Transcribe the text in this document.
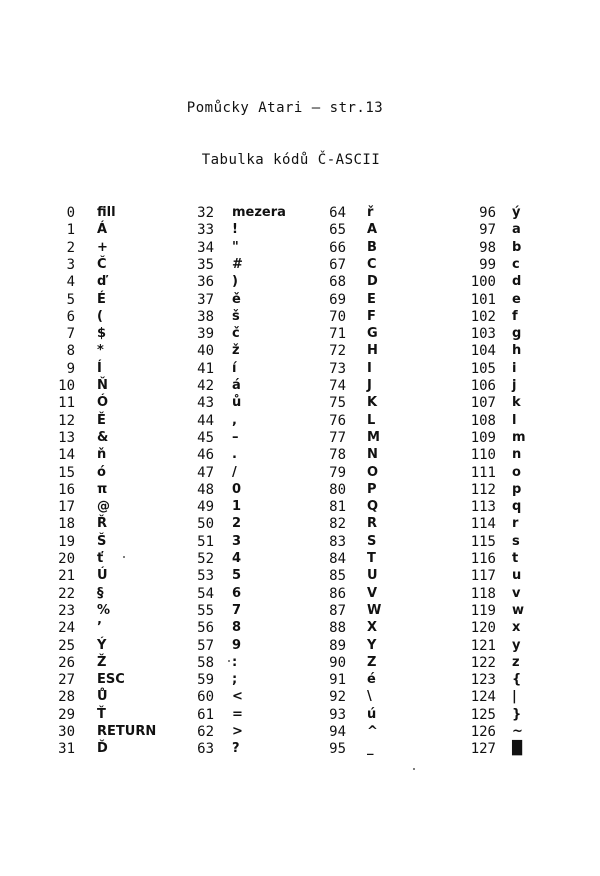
Pomůcky Atari – str.13
Tabulka kódů Č-ASCII
0 fill
1 Á
2 +
3 Č
4 ď
5 É
6 (
7 $
8 *
9 Í
10 Ň
11 Ó
12 Ě
13 &
14 ň
15 ó
16 π
17 @
18 Ř
19 Š
20 ť
21 Ú
22 §
23 %
24 ’
25 Ý
26 Ž
27 ESC
28 Ů
29 Ť
30 RETURN
31 Ď
32 mezera
33 !
34 "
35 #
36 )
37 ě
38 š
39 č
40 ž
41 í
42 á
43 ů
44 ,
45 –
46 .
47 /
48 0
49 1
50 2
51 3
52 4
53 5
54 6
55 7
56 8
57 9
58 :
59 ;
60 <
61 =
62 >
63 ?
64 ř
65 A
66 B
67 C
68 D
69 E
70 F
71 G
72 H
73 I
74 J
75 K
76 L
77 M
78 N
79 O
80 P
81 Q
82 R
83 S
84 T
85 U
86 V
87 W
88 X
89 Y
90 Z
91 é
92 \
93 ú
94 ^
95 _
96 ý
97 a
98 b
99 c
100 d
101 e
102 f
103 g
104 h
105 i
106 j
107 k
108 l
109 m
110 n
111 o
112 p
113 q
114 r
115 s
116 t
117 u
118 v
119 w
120 x
121 y
122 z
123 {
124 |
125 }
126 ~
127 █
